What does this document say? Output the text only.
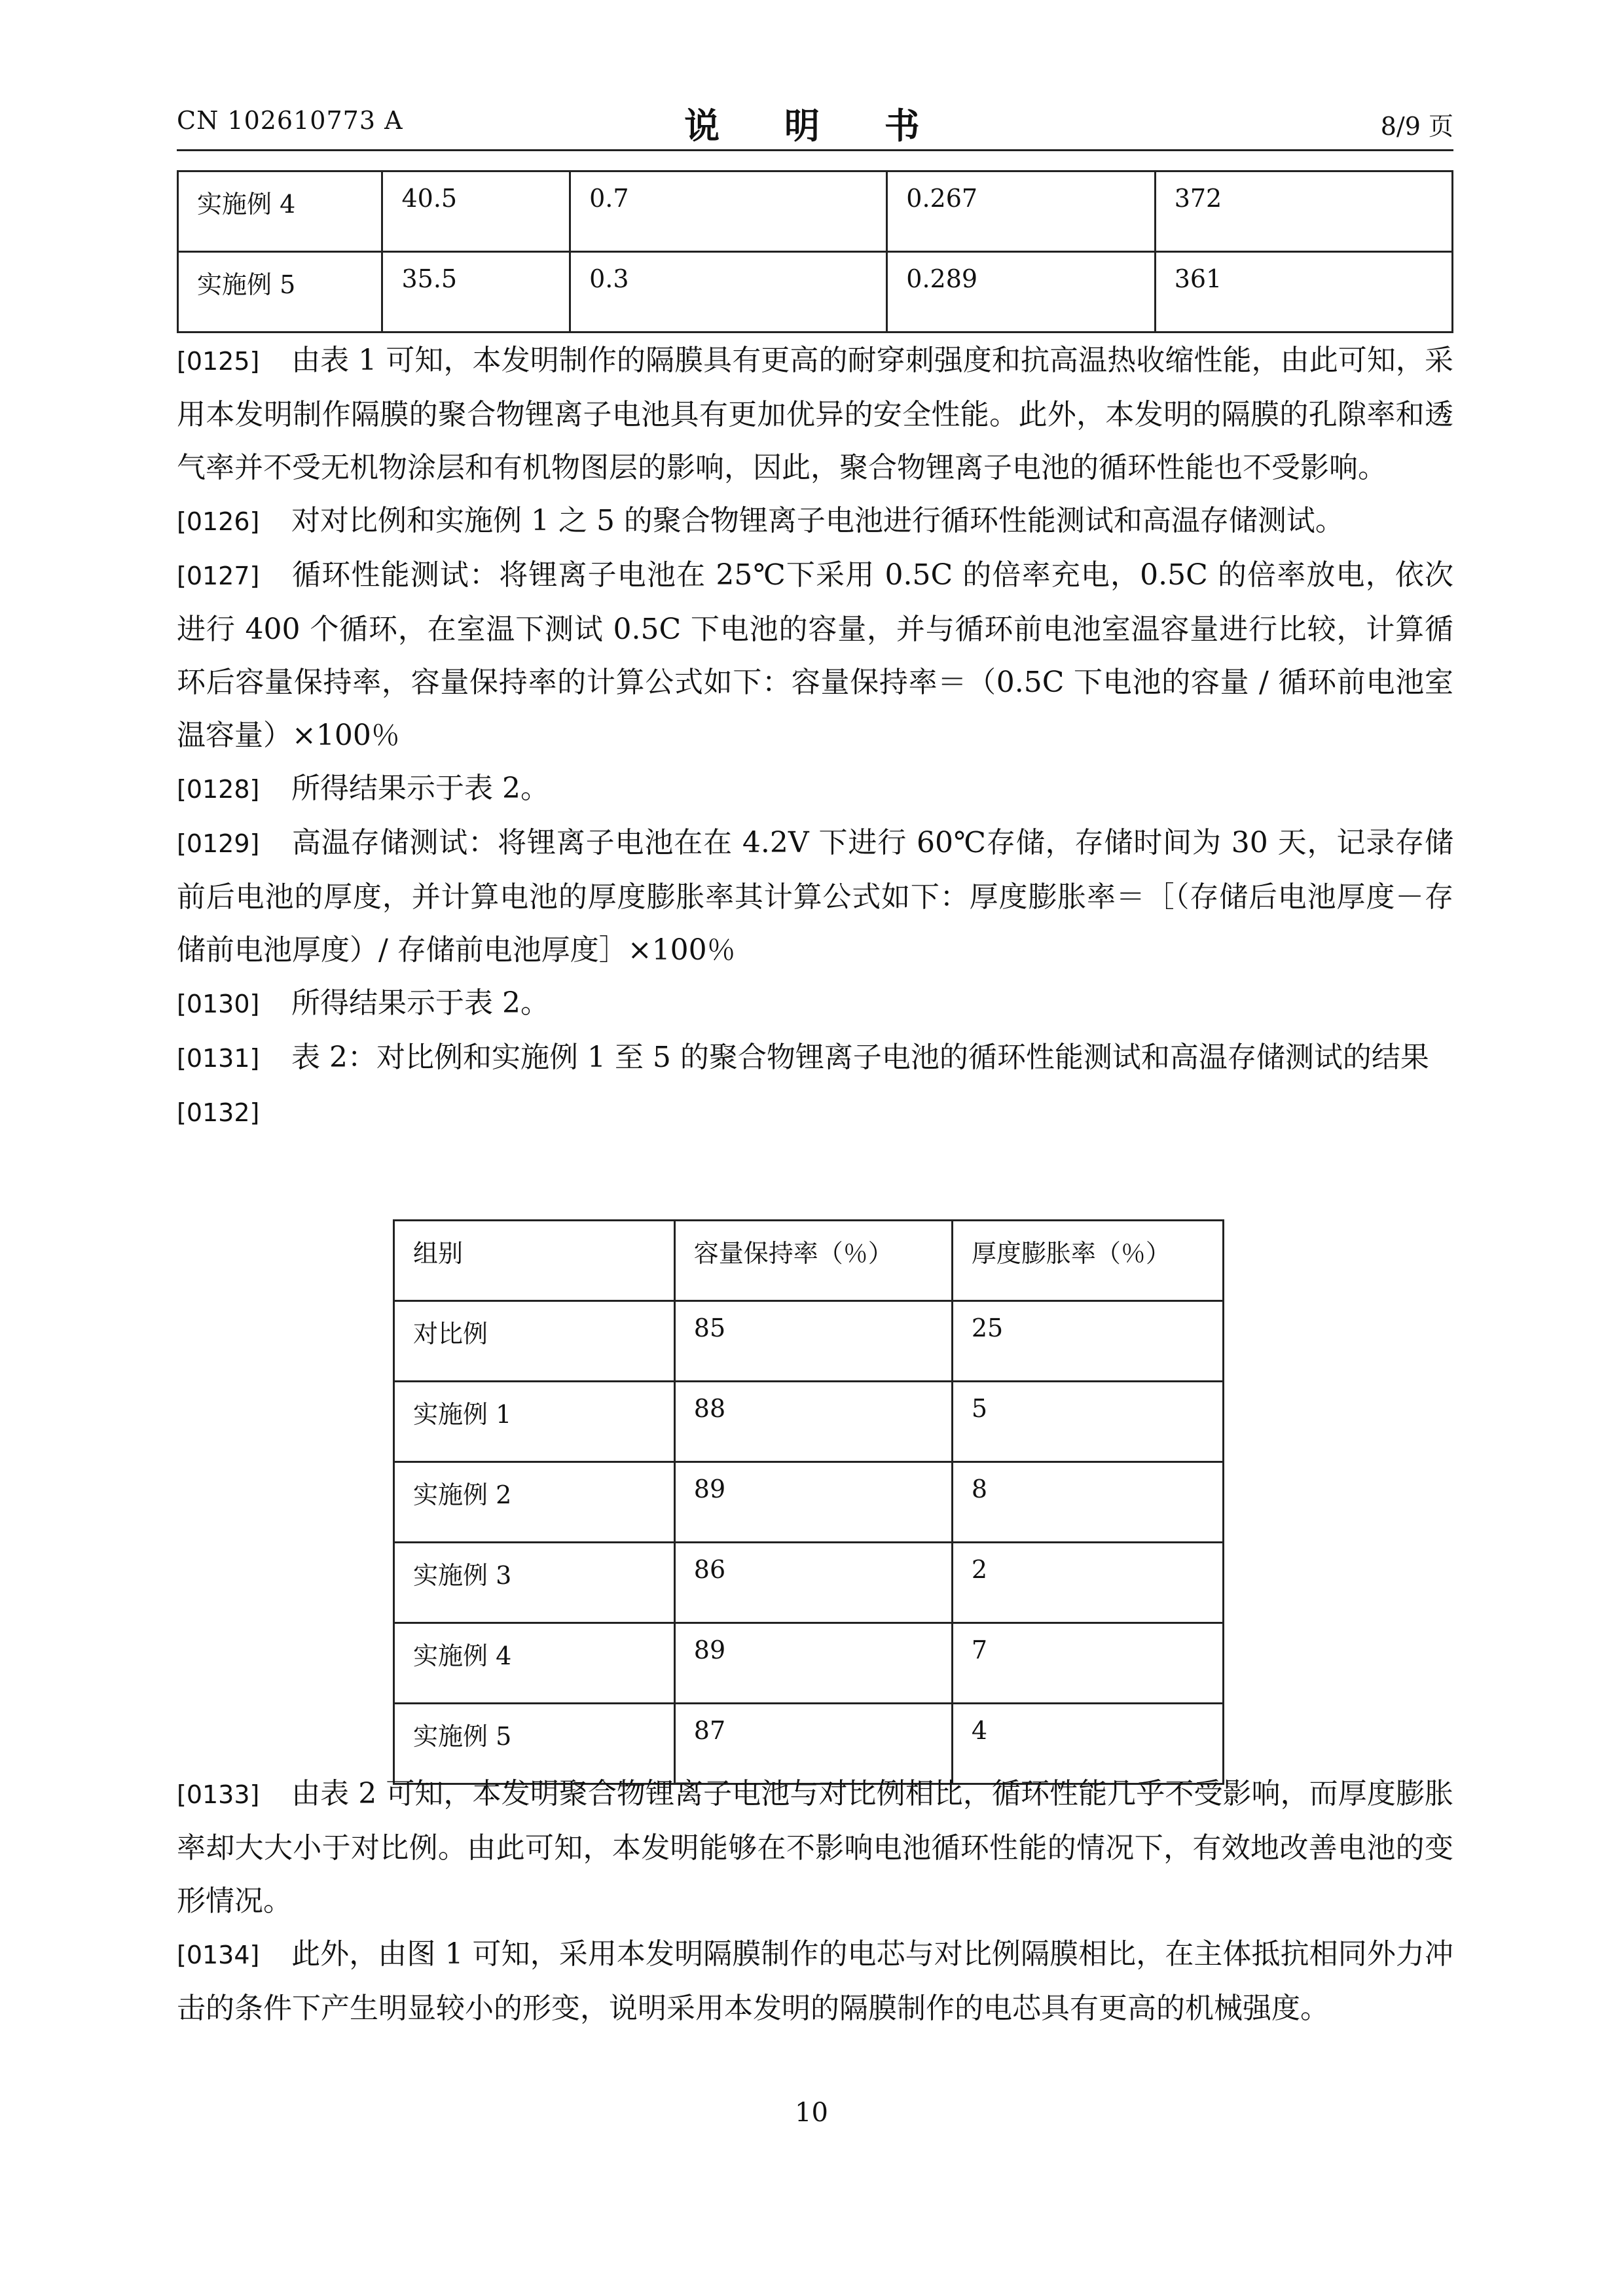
CN 102610773 A	说 明 书	8/9 页
实施例 4	40.5	0.7	0.267	372
实施例 5	35.5	0.3	0.289	361
[0125] 由表 1 可知，本发明制作的隔膜具有更高的耐穿刺强度和抗高温热收缩性能，由此可知，采用本发明制作隔膜的聚合物锂离子电池具有更加优异的安全性能。此外，本发明的隔膜的孔隙率和透气率并不受无机物涂层和有机物图层的影响，因此，聚合物锂离子电池的循环性能也不受影响。
[0126] 对对比例和实施例 1 之 5 的聚合物锂离子电池进行循环性能测试和高温存储测试。
[0127] 循环性能测试：将锂离子电池在 25℃下采用 0.5C 的倍率充电，0.5C 的倍率放电，依次进行 400 个循环，在室温下测试 0.5C 下电池的容量，并与循环前电池室温容量进行比较，计算循环后容量保持率，容量保持率的计算公式如下：容量保持率＝（0.5C 下电池的容量 / 循环前电池室温容量）×100％
[0128] 所得结果示于表 2。
[0129] 高温存储测试：将锂离子电池在在 4.2V 下进行 60℃存储，存储时间为 30 天，记录存储前后电池的厚度，并计算电池的厚度膨胀率其计算公式如下：厚度膨胀率＝［（存储后电池厚度－存储前电池厚度）/ 存储前电池厚度］×100％
[0130] 所得结果示于表 2。
[0131] 表 2：对比例和实施例 1 至 5 的聚合物锂离子电池的循环性能测试和高温存储测试的结果
[0132]
组别	容量保持率（％）	厚度膨胀率（％）
对比例	85	25
实施例 1	88	5
实施例 2	89	8
实施例 3	86	2
实施例 4	89	7
实施例 5	87	4
[0133] 由表 2 可知，本发明聚合物锂离子电池与对比例相比，循环性能几乎不受影响，而厚度膨胀率却大大小于对比例。由此可知，本发明能够在不影响电池循环性能的情况下，有效地改善电池的变形情况。
[0134] 此外，由图 1 可知，采用本发明隔膜制作的电芯与对比例隔膜相比，在主体抵抗相同外力冲击的条件下产生明显较小的形变，说明采用本发明的隔膜制作的电芯具有更高的机械强度。
10
